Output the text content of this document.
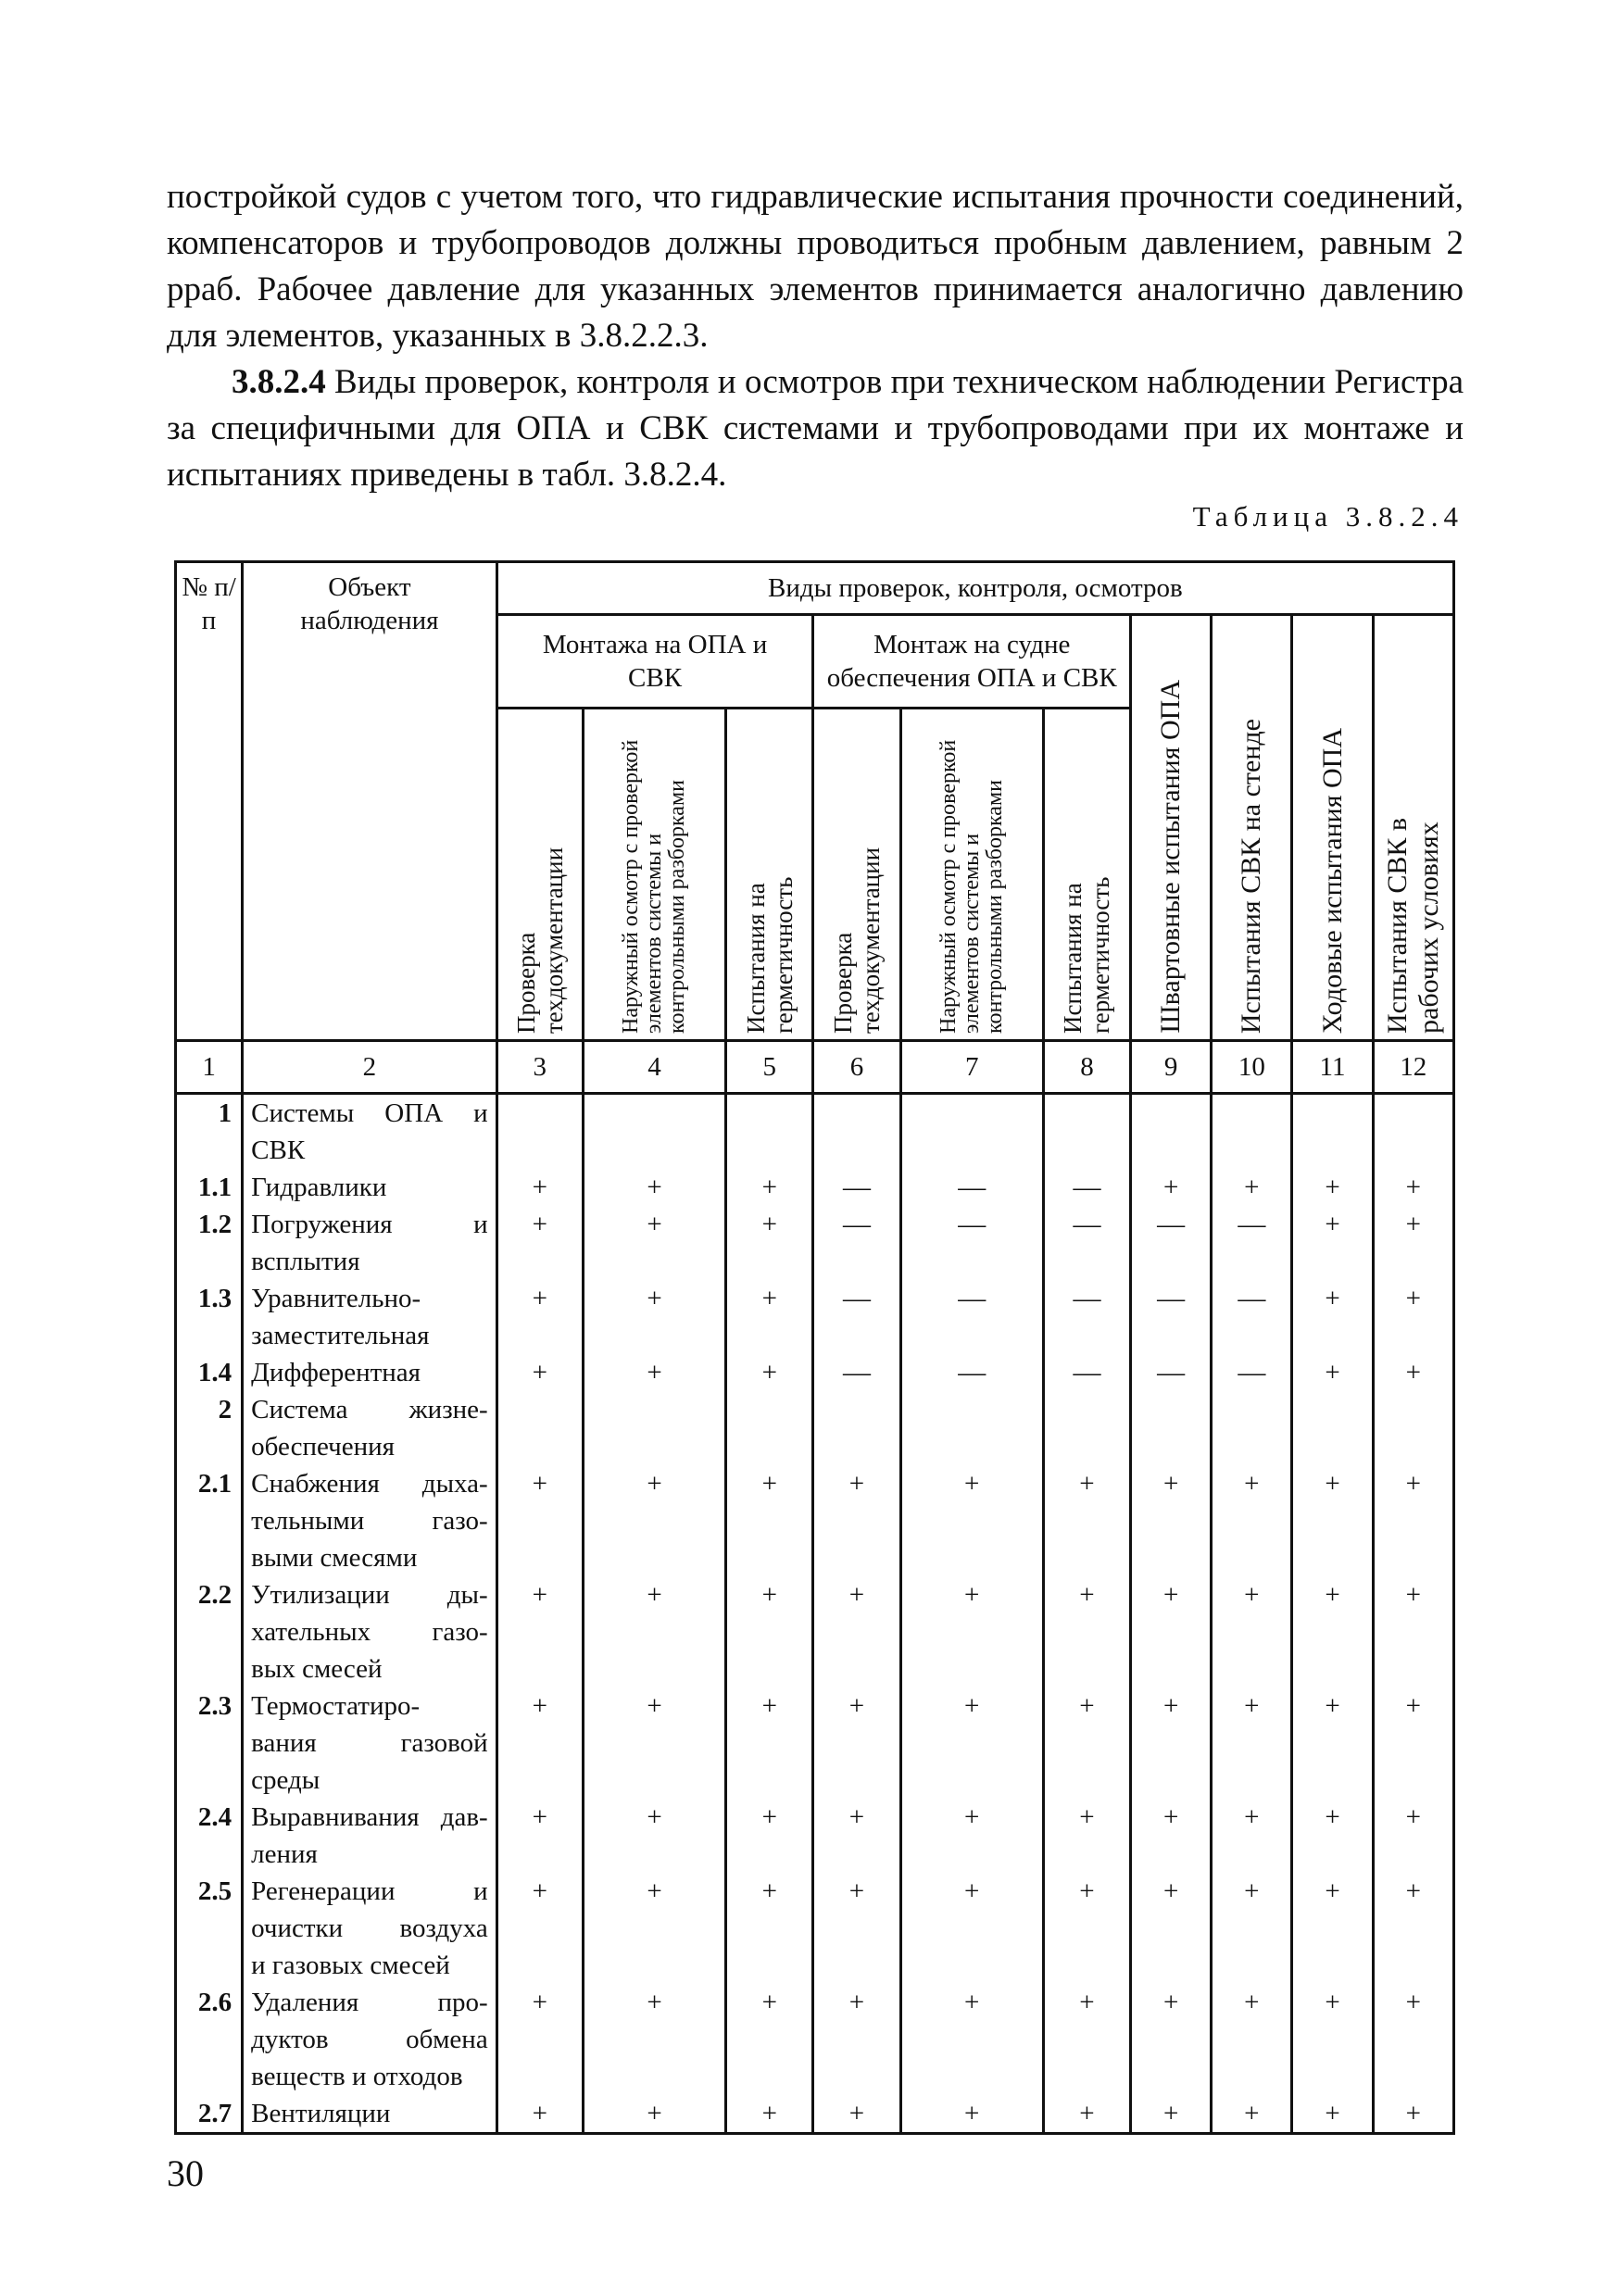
постройкой судов с учетом того, что гидравлические испытания прочности соединений, компенсаторов и трубопроводов должны проводиться пробным давлением, равным 2 pраб. Рабочее давление для указанных элементов принимается аналогично давлению для элементов, указанных в 3.8.2.2.3.

3.8.2.4 Виды проверок, контроля и осмотров при техническом наблюдении Регистра за специфичными для ОПА и СВК системами и трубопроводами при их монтаже и испытаниях приведены в табл. 3.8.2.4.

Таблица 3.8.2.4
№ п/п	Объект наблюдения	Виды проверок, контроля, осмотров									
		Монтажа на ОПА и СВК			Монтаж на судне обеспечения ОПА и СВК			Швартовные испытания ОПА	Испытания СВК на стенде	Ходовые испытания ОПА	Испытания СВК в рабочих условиях

		Проверка техдокументации	Наружный осмотр с проверкой элементов системы и контрольными разборками	Испытания на герметичность	Проверка техдокументации	Наружный осмотр с проверкой элементов системы и контрольными разборками	Испытания на герметичность				

1	2	3	4	5	6	7	8	9	10	11	12
1	Системы ОПА и
СВК										

1.1	Гидравлики	+	+	+	—	—	—	+	+	+	+
1.2	Погружения и
всплытия	+	+	+	—	—	—	—	—	+	+
1.3	Уравнительно-
заместительная	+	+	+	—	—	—	—	—	+	+
1.4	Дифферентная	+	+	+	—	—	—	—	—	+	+
2	Система жизне-
обеспечения										

2.1	Снабжения дыха-
тельными газо-
выми смесями	+	+	+	+	+	+	+	+	+	+
2.2	Утилизации ды-
хательных газо-
вых смесей	+	+	+	+	+	+	+	+	+	+
2.3	Термостатиро-
вания газовой
среды	+	+	+	+	+	+	+	+	+	+
2.4	Выравнивания дав-
ления	+	+	+	+	+	+	+	+	+	+
2.5	Регенерации и
очистки воздуха
и газовых смесей	+	+	+	+	+	+	+	+	+	+
2.6	Удаления про-
дуктов обмена
веществ и отходов	+	+	+	+	+	+	+	+	+	+
2.7	Вентиляции	+	+	+	+	+	+	+	+	+	+
30
